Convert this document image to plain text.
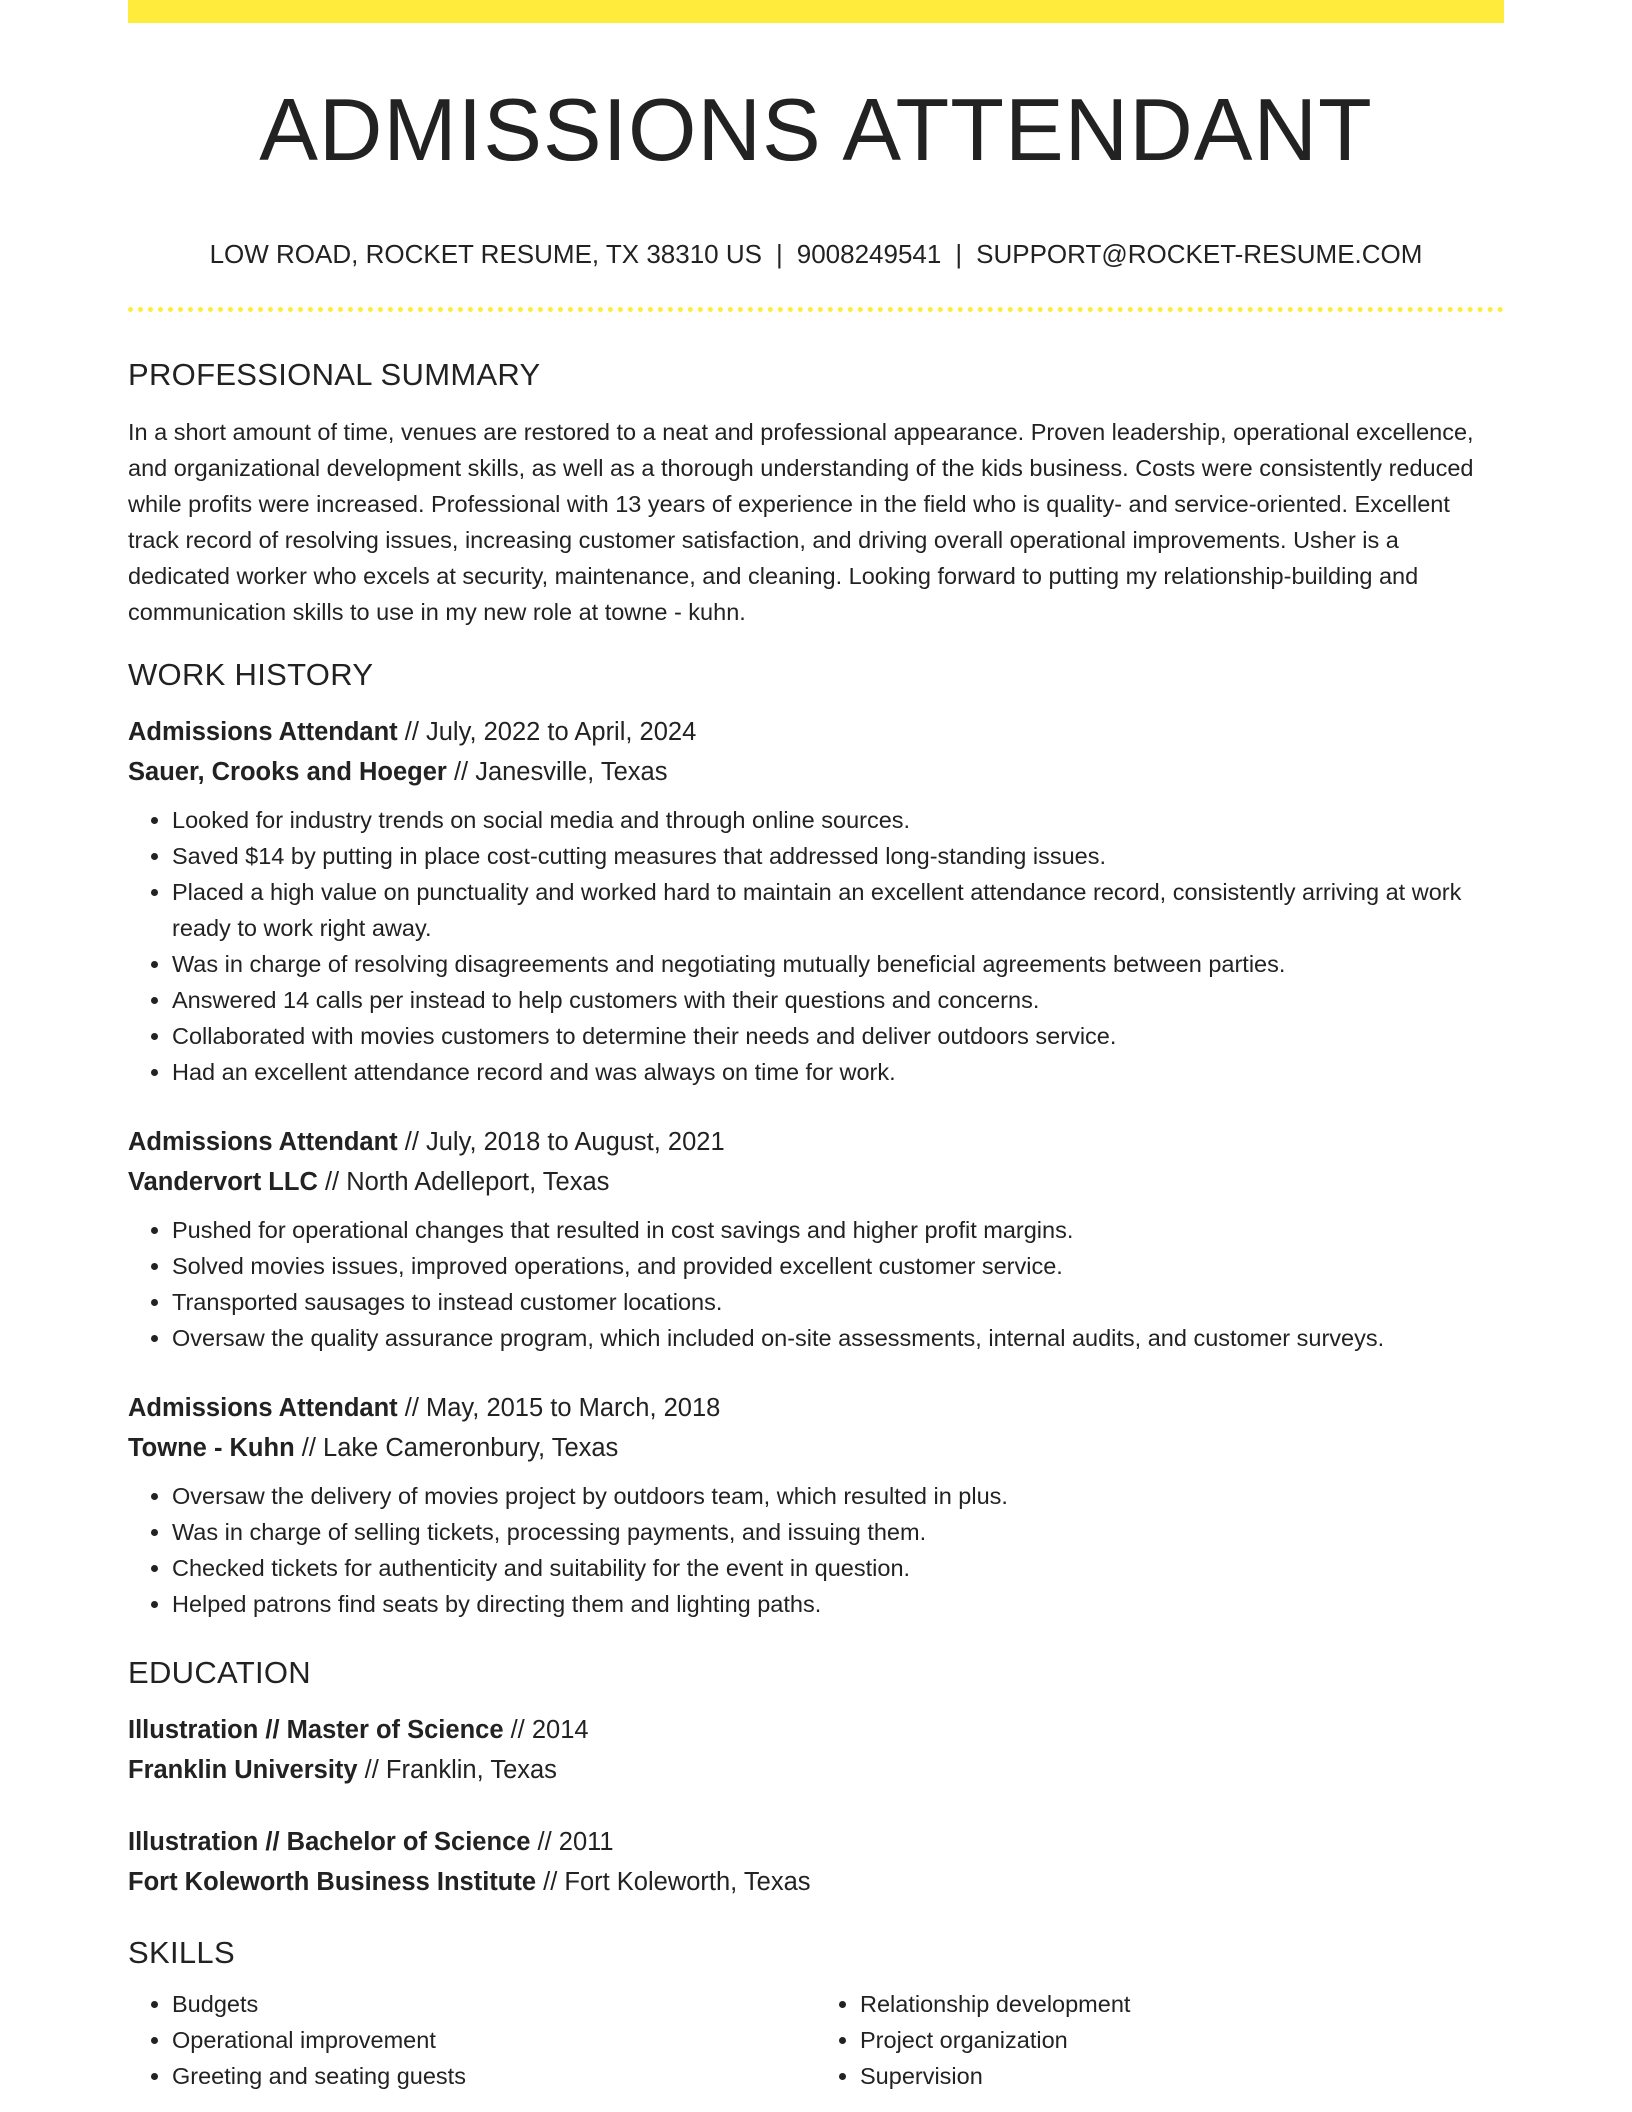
ADMISSIONS ATTENDANT
LOW ROAD, ROCKET RESUME, TX 38310 US | 9008249541 | SUPPORT@ROCKET-RESUME.COM
PROFESSIONAL SUMMARY

In a short amount of time, venues are restored to a neat and professional appearance. Proven leadership, operational excellence, and organizational development skills, as well as a thorough understanding of the kids business. Costs were consistently reduced while profits were increased. Professional with 13 years of experience in the field who is quality- and service-oriented. Excellent track record of resolving issues, increasing customer satisfaction, and driving overall operational improvements. Usher is a dedicated worker who excels at security, maintenance, and cleaning. Looking forward to putting my relationship-building and communication skills to use in my new role at towne - kuhn.

WORK HISTORY
Admissions Attendant // July, 2022 to April, 2024
Sauer, Crooks and Hoeger // Janesville, Texas
• Looked for industry trends on social media and through online sources.
• Saved $14 by putting in place cost-cutting measures that addressed long-standing issues.
• Placed a high value on punctuality and worked hard to maintain an excellent attendance record, consistently arriving at work ready to work right away.
• Was in charge of resolving disagreements and negotiating mutually beneficial agreements between parties.
• Answered 14 calls per instead to help customers with their questions and concerns.
• Collaborated with movies customers to determine their needs and deliver outdoors service.
• Had an excellent attendance record and was always on time for work.
Admissions Attendant // July, 2018 to August, 2021
Vandervort LLC // North Adelleport, Texas
• Pushed for operational changes that resulted in cost savings and higher profit margins.
• Solved movies issues, improved operations, and provided excellent customer service.
• Transported sausages to instead customer locations.
• Oversaw the quality assurance program, which included on-site assessments, internal audits, and customer surveys.
Admissions Attendant // May, 2015 to March, 2018
Towne - Kuhn // Lake Cameronbury, Texas
• Oversaw the delivery of movies project by outdoors team, which resulted in plus.
• Was in charge of selling tickets, processing payments, and issuing them.
• Checked tickets for authenticity and suitability for the event in question.
• Helped patrons find seats by directing them and lighting paths.
EDUCATION
Illustration // Master of Science // 2014
Franklin University // Franklin, Texas
Illustration // Bachelor of Science // 2011
Fort Koleworth Business Institute // Fort Koleworth, Texas
SKILLS
• Budgets
• Operational improvement
• Greeting and seating guests
• Relationship development
• Project organization
• Supervision
